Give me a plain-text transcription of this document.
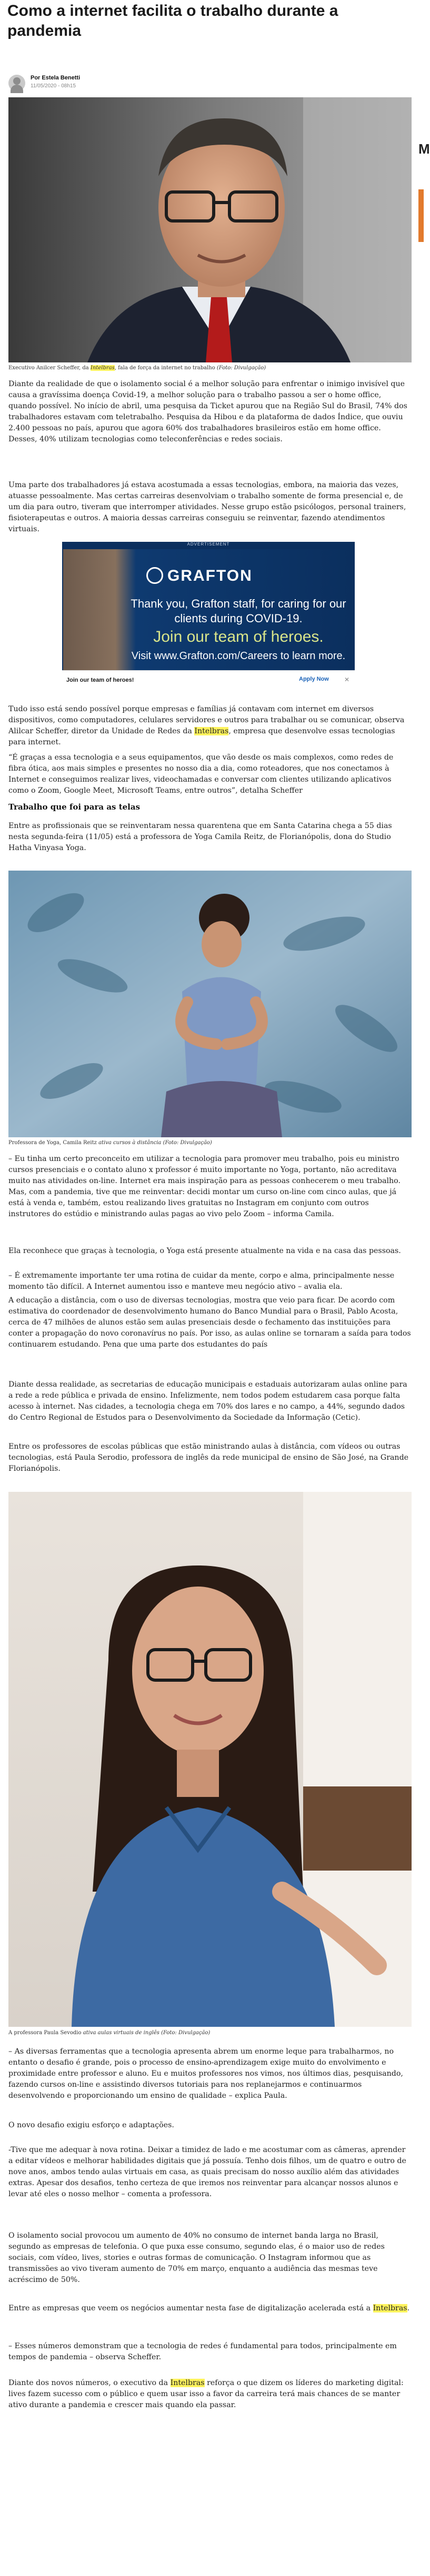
Como a internet facilita o trabalho durante a pandemia
Por Estela Benetti
11/05/2020 - 08h15
M
Executivo Anilcer Scheffer, da Intelbras, fala de força da internet no trabalho (Foto: Divulgação)

Diante da realidade de que o isolamento social é a melhor solução para enfrentar o inimigo invisível que causa a gravíssima doença Covid-19, a melhor solução para o trabalho passou a ser o home office, quando possível. No início de abril, uma pesquisa da Ticket apurou que na Região Sul do Brasil, 74% dos trabalhadores estavam com teletrabalho. Pesquisa da Hibou e da plataforma de dados Índice, que ouviu 2.400 pessoas no país, apurou que agora 60% dos trabalhadores brasileiros estão em home office. Desses, 40% utilizam tecnologias como teleconferências e redes sociais.

Uma parte dos trabalhadores já estava acostumada a essas tecnologias, embora, na maioria das vezes, atuasse pessoalmente. Mas certas carreiras desenvolviam o trabalho somente de forma presencial e, de um dia para outro, tiveram que interromper atividades. Nesse grupo estão psicólogos, personal trainers, fisioterapeutas e outros. A maioria dessas carreiras conseguiu se reinventar, fazendo atendimentos virtuais.

ADVERTISEMENT
GRAFTON
Thank you, Grafton staff, for caring for our clients during COVID-19.
Join our team of heroes.
Visit www.Grafton.com/Careers to learn more.
Join our team of heroes!	Apply Now ✕

Tudo isso está sendo possível porque empresas e famílias já contavam com internet em diversos dispositivos, como computadores, celulares servidores e outros para trabalhar ou se comunicar, observa Alilcar Scheffer, diretor da Unidade de Redes da Intelbras, empresa que desenvolve essas tecnologias para internet.

“É graças a essa tecnologia e a seus equipamentos, que vão desde os mais complexos, como redes de fibra ótica, aos mais simples e presentes no nosso dia a dia, como roteadores, que nos conectamos à Internet e conseguimos realizar lives, videochamadas e conversar com clientes utilizando aplicativos como o Zoom, Google Meet, Microsoft Teams, entre outros”, detalha Scheffer

Trabalho que foi para as telas

Entre as profissionais que se reinventaram nessa quarentena que em Santa Catarina chega a 55 dias nesta segunda-feira (11/05) está a professora de Yoga Camila Reitz, de Florianópolis, dona do Studio Hatha Vinyasa Yoga.

Professora de Yoga, Camila Reitz ativa cursos à distância (Foto: Divulgação)

– Eu tinha um certo preconceito em utilizar a tecnologia para promover meu trabalho, pois eu ministro cursos presenciais e o contato aluno x professor é muito importante no Yoga, portanto, não acreditava muito nas atividades on-line. Internet era mais inspiração para as pessoas conhecerem o meu trabalho. Mas, com a pandemia, tive que me reinventar: decidi montar um curso on-line com cinco aulas, que já está à venda e, também, estou realizando lives gratuitas no Instagram em conjunto com outros instrutores do estúdio e ministrando aulas pagas ao vivo pelo Zoom – informa Camila.

Ela reconhece que graças à tecnologia, o Yoga está presente atualmente na vida e na casa das pessoas.

– É extremamente importante ter uma rotina de cuidar da mente, corpo e alma, principalmente nesse momento tão difícil. A Internet aumentou isso e manteve meu negócio ativo – avalia ela.

A educação a distância, com o uso de diversas tecnologias, mostra que veio para ficar. De acordo com estimativa do coordenador de desenvolvimento humano do Banco Mundial para o Brasil, Pablo Acosta, cerca de 47 milhões de alunos estão sem aulas presenciais desde o fechamento das instituições para conter a propagação do novo coronavírus no país. Por isso, as aulas online se tornaram a saída para todos continuarem estudando. Pena que uma parte dos estudantes do país

Diante dessa realidade, as secretarias de educação municipais e estaduais autorizaram aulas online para a rede a rede pública e privada de ensino. Infelizmente, nem todos podem estudarem casa porque falta acesso à internet. Nas cidades, a tecnologia chega em 70% dos lares e no campo, a 44%, segundo dados do Centro Regional de Estudos para o Desenvolvimento da Sociedade da Informação (Cetic).

Entre os professores de escolas públicas que estão ministrando aulas à distância, com vídeos ou outras tecnologias, está Paula Serodio, professora de inglês da rede municipal de ensino de São José, na Grande Florianópolis.

A professora Paula Sevodio ativa aulas virtuais de inglês (Foto: Divulgação)

– As diversas ferramentas que a tecnologia apresenta abrem um enorme leque para trabalharmos, no entanto o desafio é grande, pois o processo de ensino-aprendizagem exige muito do envolvimento e proximidade entre professor e aluno. Eu e muitos professores nos vimos, nos últimos dias, pesquisando, fazendo cursos on-line e assistindo diversos tutoriais para nos replanejarmos e continuarmos desenvolvendo e proporcionando um ensino de qualidade – explica Paula.

O novo desafio exigiu esforço e adaptações.

-Tive que me adequar à nova rotina. Deixar a timidez de lado e me acostumar com as câmeras, aprender a editar vídeos e melhorar habilidades digitais que já possuía. Tenho dois filhos, um de quatro e outro de nove anos, ambos tendo aulas virtuais em casa, as quais precisam do nosso auxílio além das atividades extras. Apesar dos desafios, tenho certeza de que iremos nos reinventar para alcançar nossos alunos e levar até eles o nosso melhor – comenta a professora.

O isolamento social provocou um aumento de 40% no consumo de internet banda larga no Brasil, segundo as empresas de telefonia. O que puxa esse consumo, segundo elas, é o maior uso de redes sociais, com vídeo, lives, stories e outras formas de comunicação. O Instagram informou que as transmissões ao vivo tiveram aumento de 70% em março, enquanto a audiência das mesmas teve acréscimo de 50%.

Entre as empresas que veem os negócios aumentar nesta fase de digitalização acelerada está a Intelbras.

– Esses números demonstram que a tecnologia de redes é fundamental para todos, principalmente em tempos de pandemia – observa Scheffer.

Diante dos novos números, o executivo da Intelbras reforça o que dizem os líderes do marketing digital: lives fazem sucesso com o público e quem usar isso a favor da carreira terá mais chances de se manter ativo durante a pandemia e crescer mais quando ela passar.
